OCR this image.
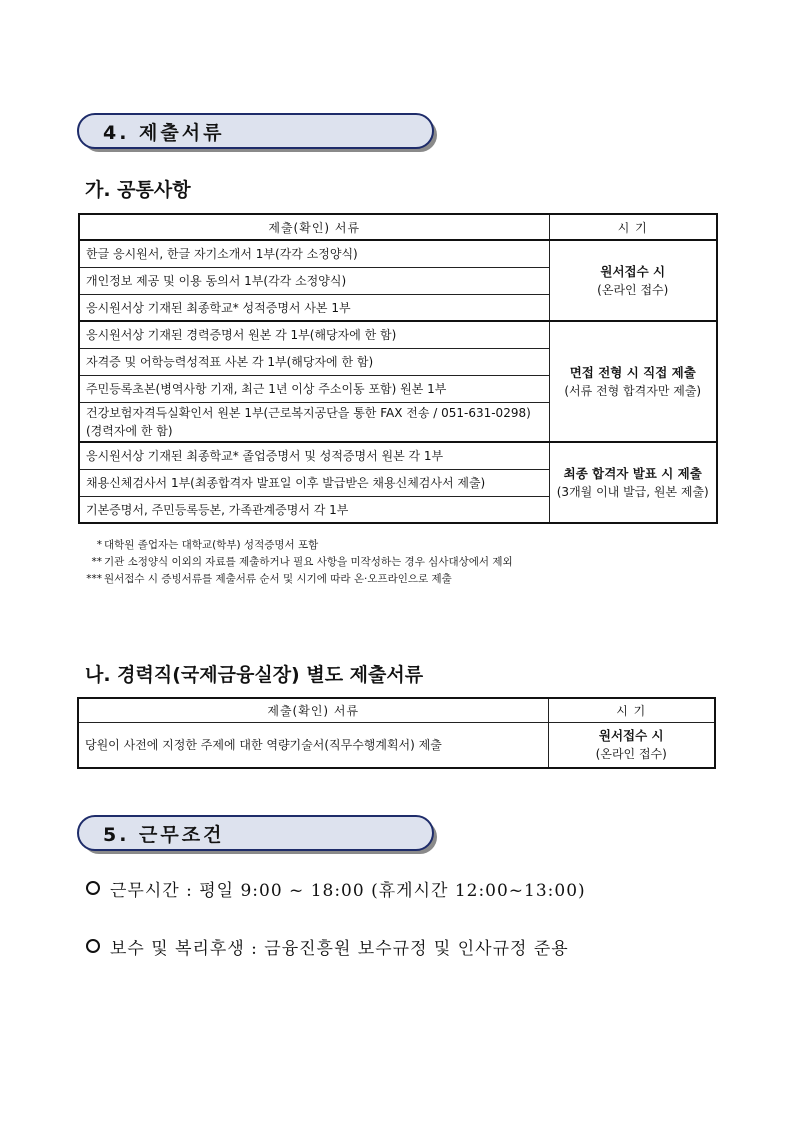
4. 제출서류
가. 공통사항
제출(확인) 서류	시 기
한글 응시원서, 한글 자기소개서 1부(각각 소정양식)	원서접수 시
(온라인 접수)

개인정보 제공 및 이용 동의서 1부(각각 소정양식)	
응시원서상 기재된 최종학교* 성적증명서 사본 1부	
응시원서상 기재된 경력증명서 원본 각 1부(해당자에 한 함)	면접 전형 시 직접 제출
(서류 전형 합격자만 제출)

자격증 및 어학능력성적표 사본 각 1부(해당자에 한 함)	
주민등록초본(병역사항 기재, 최근 1년 이상 주소이동 포함) 원본 1부	

건강보험자격득실확인서 원본 1부(근로복지공단을 통한 FAX 전송 / 051-631-0298)
(경력자에 한 함)	

응시원서상 기재된 최종학교* 졸업증명서 및 성적증명서 원본 각 1부	최종 합격자 발표 시 제출
(3개월 이내 발급, 원본 제출)

채용신체검사서 1부(최종합격자 발표일 이후 발급받은 채용신체검사서 제출)	
기본증명서, 주민등록등본, 가족관계증명서 각 1부	
* 대학원 졸업자는 대학교(학부) 성적증명서 포함
** 기관 소정양식 이외의 자료를 제출하거나 필요 사항을 미작성하는 경우 심사대상에서 제외
*** 원서접수 시 증빙서류를 제출서류 순서 및 시기에 따라 온·오프라인으로 제출
나. 경력직(국제금융실장) 별도 제출서류
제출(확인) 서류	시 기
당원이 사전에 지정한 주제에 대한 역량기술서(직무수행계획서) 제출	원서접수 시
(온라인 접수)
5. 근무조건
근무시간 : 평일 9:00 ~ 18:00 (휴게시간 12:00~13:00)
보수 및 복리후생 : 금융진흥원 보수규정 및 인사규정 준용
